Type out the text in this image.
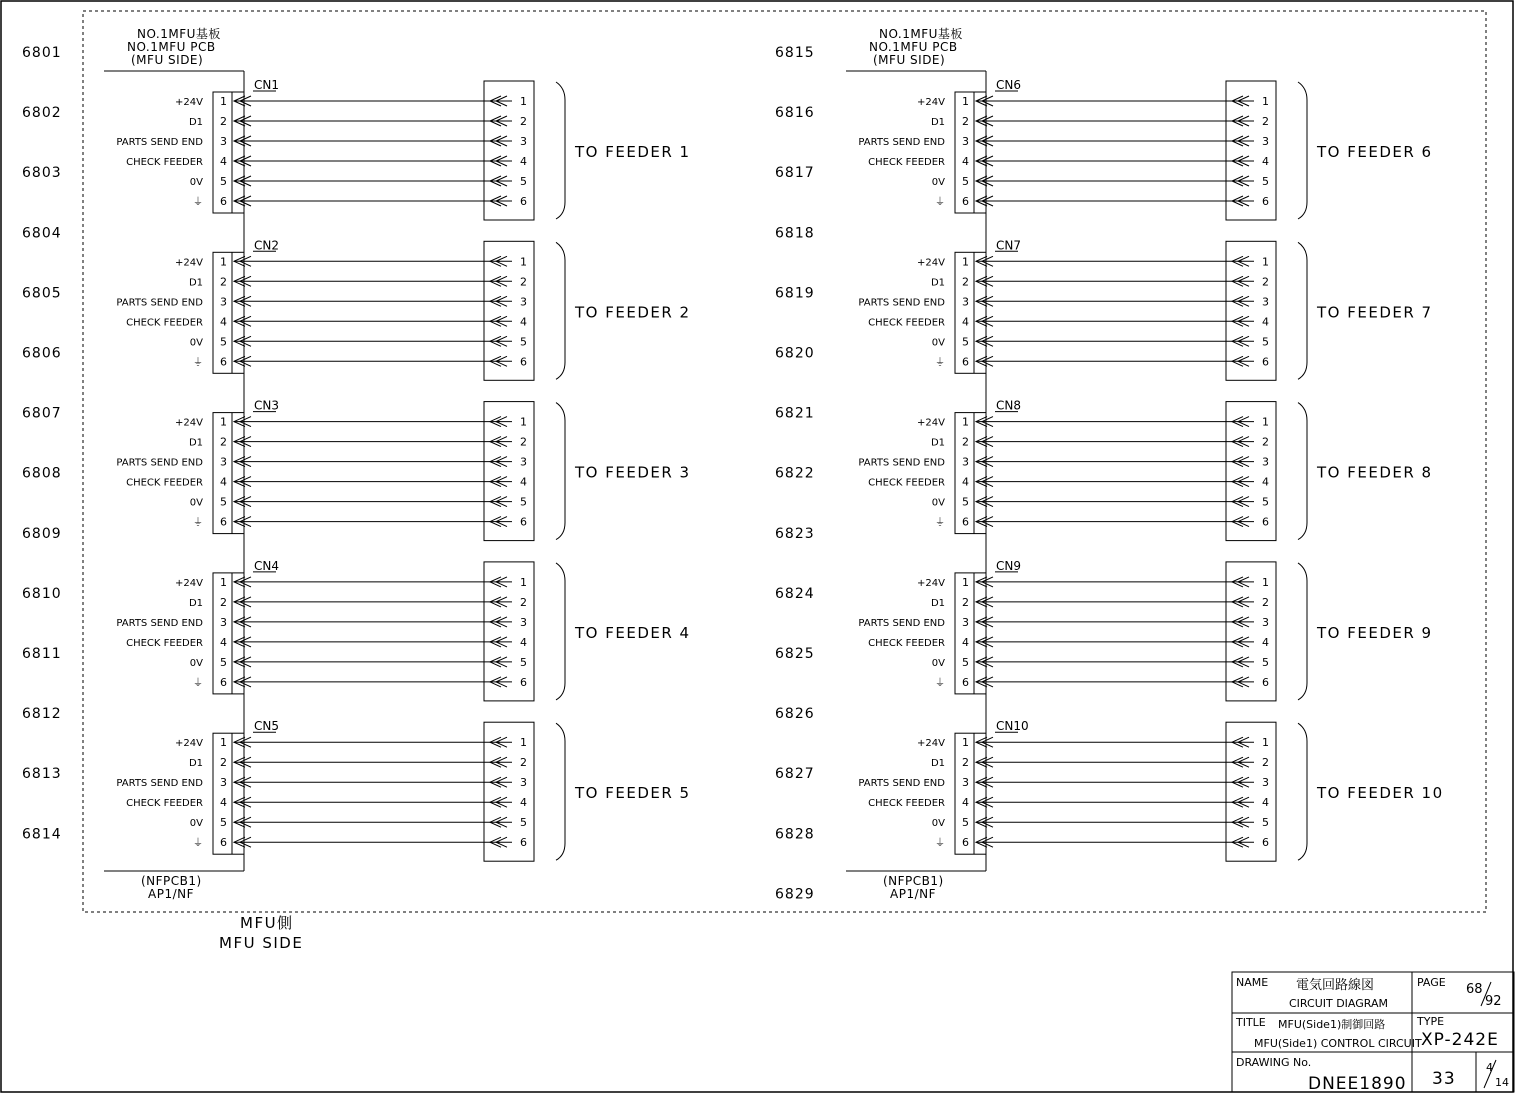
6801
6802
6803
6804
6805
6806
6807
6808
6809
6810
6811
6812
6813
6814
6815
6816
6817
6818
6819
6820
6821
6822
6823
6824
6825
6826
6827
6828
6829
NO.1MFU基板
NO.1MFU PCB
(MFU SIDE)
(NFPCB1)
AP1/NF
CN1
TO FEEDER 1
+24V 1	1
D1 2	2
PARTS SEND END 3	3
CHECK FEEDER 4	4
0V 5	5
⏚ 6	6
CN2
TO FEEDER 2
+24V 1	1
D1 2	2
PARTS SEND END 3	3
CHECK FEEDER 4	4
0V 5	5
⏚ 6	6
CN3
TO FEEDER 3
+24V 1	1
D1 2	2
PARTS SEND END 3	3
CHECK FEEDER 4	4
0V 5	5
⏚ 6	6
CN4
TO FEEDER 4
+24V 1	1
D1 2	2
PARTS SEND END 3	3
CHECK FEEDER 4	4
0V 5	5
⏚ 6	6
CN5
TO FEEDER 5
+24V 1	1
D1 2	2
PARTS SEND END 3	3
CHECK FEEDER 4	4
0V 5	5
⏚ 6	6
NO.1MFU基板
NO.1MFU PCB
(MFU SIDE)
(NFPCB1)
AP1/NF
CN6
TO FEEDER 6
+24V 1	1
D1 2	2
PARTS SEND END 3	3
CHECK FEEDER 4	4
0V 5	5
⏚ 6	6
CN7
TO FEEDER 7
+24V 1	1
D1 2	2
PARTS SEND END 3	3
CHECK FEEDER 4	4
0V 5	5
⏚ 6	6
CN8
TO FEEDER 8
+24V 1	1
D1 2	2
PARTS SEND END 3	3
CHECK FEEDER 4	4
0V 5	5
⏚ 6	6
CN9
TO FEEDER 9
+24V 1	1
D1 2	2
PARTS SEND END 3	3
CHECK FEEDER 4	4
0V 5	5
⏚ 6	6
CN10
TO FEEDER 10
+24V 1	1
D1 2	2
PARTS SEND END 3	3
CHECK FEEDER 4	4
0V 5	5
⏚ 6	6
MFU側
MFU SIDE
NAME 電気回路線図
CIRCUIT DIAGRAM
PAGE 68
92
TITLE MFU(Side1)制御回路
MFU(Side1) CONTROL CIRCUIT
TYPE
XP-242E
DRAWING No.
DNEE1890 33
4
14
